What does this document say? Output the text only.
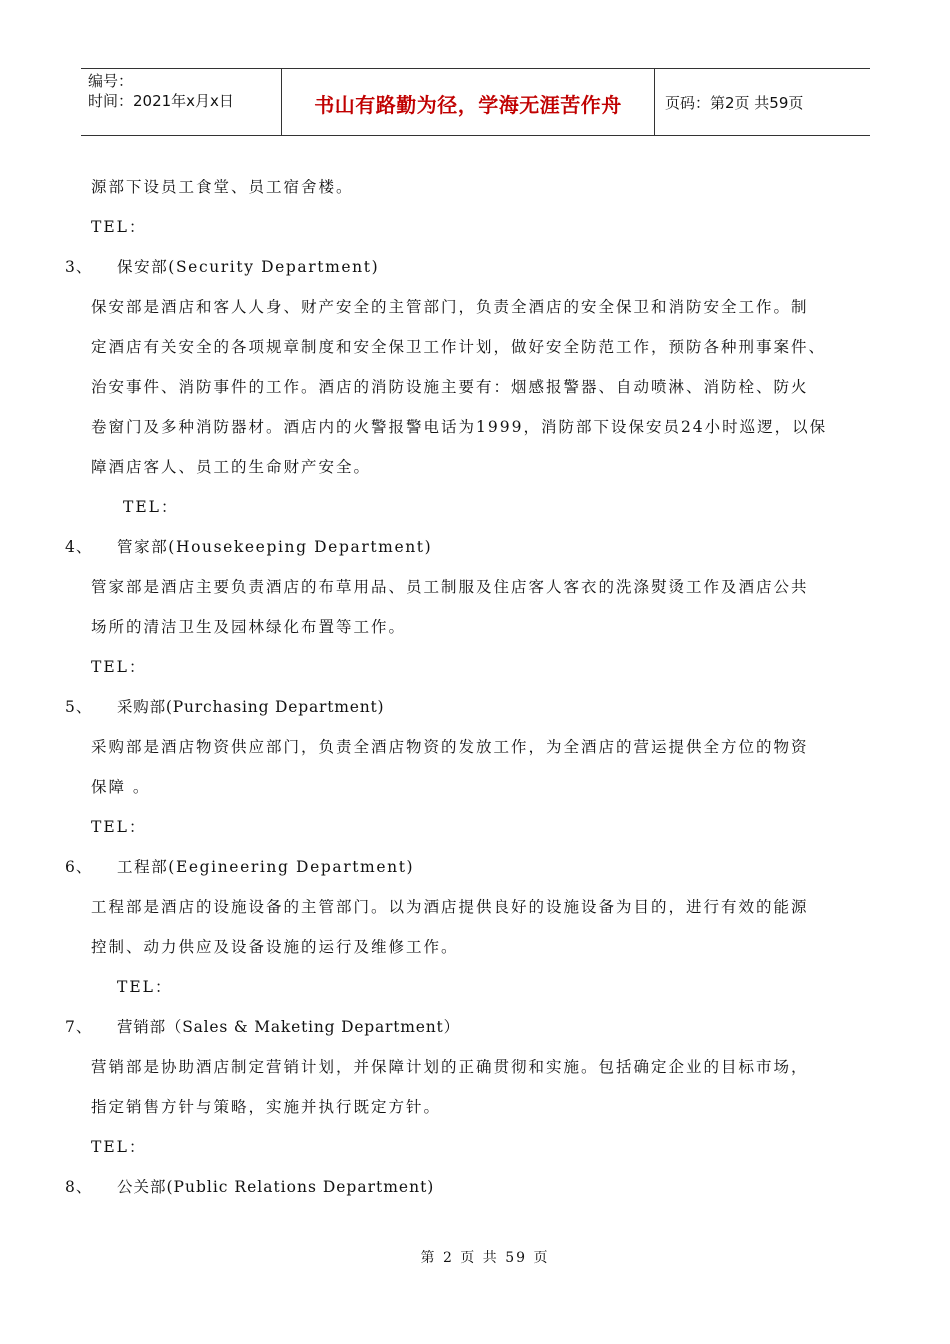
编号：
时间：2021年x月x日	书山有路勤为径，学海无涯苦作舟	页码：第2页 共59页
源部下设员工食堂、员工宿舍楼。
TEL：
3、 保安部(Security Department)
保安部是酒店和客人人身、财产安全的主管部门，负责全酒店的安全保卫和消防安全工作。制
定酒店有关安全的各项规章制度和安全保卫工作计划，做好安全防范工作，预防各种刑事案件、
治安事件、消防事件的工作。酒店的消防设施主要有：烟感报警器、自动喷淋、消防栓、防火
卷窗门及多种消防器材。酒店内的火警报警电话为1999，消防部下设保安员24小时巡逻，以保
障酒店客人、员工的生命财产安全。
TEL：
4、 管家部(Housekeeping Department)
管家部是酒店主要负责酒店的布草用品、员工制服及住店客人客衣的洗涤熨烫工作及酒店公共
场所的清洁卫生及园林绿化布置等工作。
TEL：
5、 采购部(Purchasing Department)
采购部是酒店物资供应部门，负责全酒店物资的发放工作，为全酒店的营运提供全方位的物资
保障 。
TEL：
6、 工程部(Eegineering Department)
工程部是酒店的设施设备的主管部门。以为酒店提供良好的设施设备为目的，进行有效的能源
控制、动力供应及设备设施的运行及维修工作。
TEL：
7、 营销部（Sales & Maketing Department）
营销部是协助酒店制定营销计划，并保障计划的正确贯彻和实施。包括确定企业的目标市场，
指定销售方针与策略，实施并执行既定方针。
TEL：
8、 公关部(Public Relations Department)
第 2 页 共 59 页
